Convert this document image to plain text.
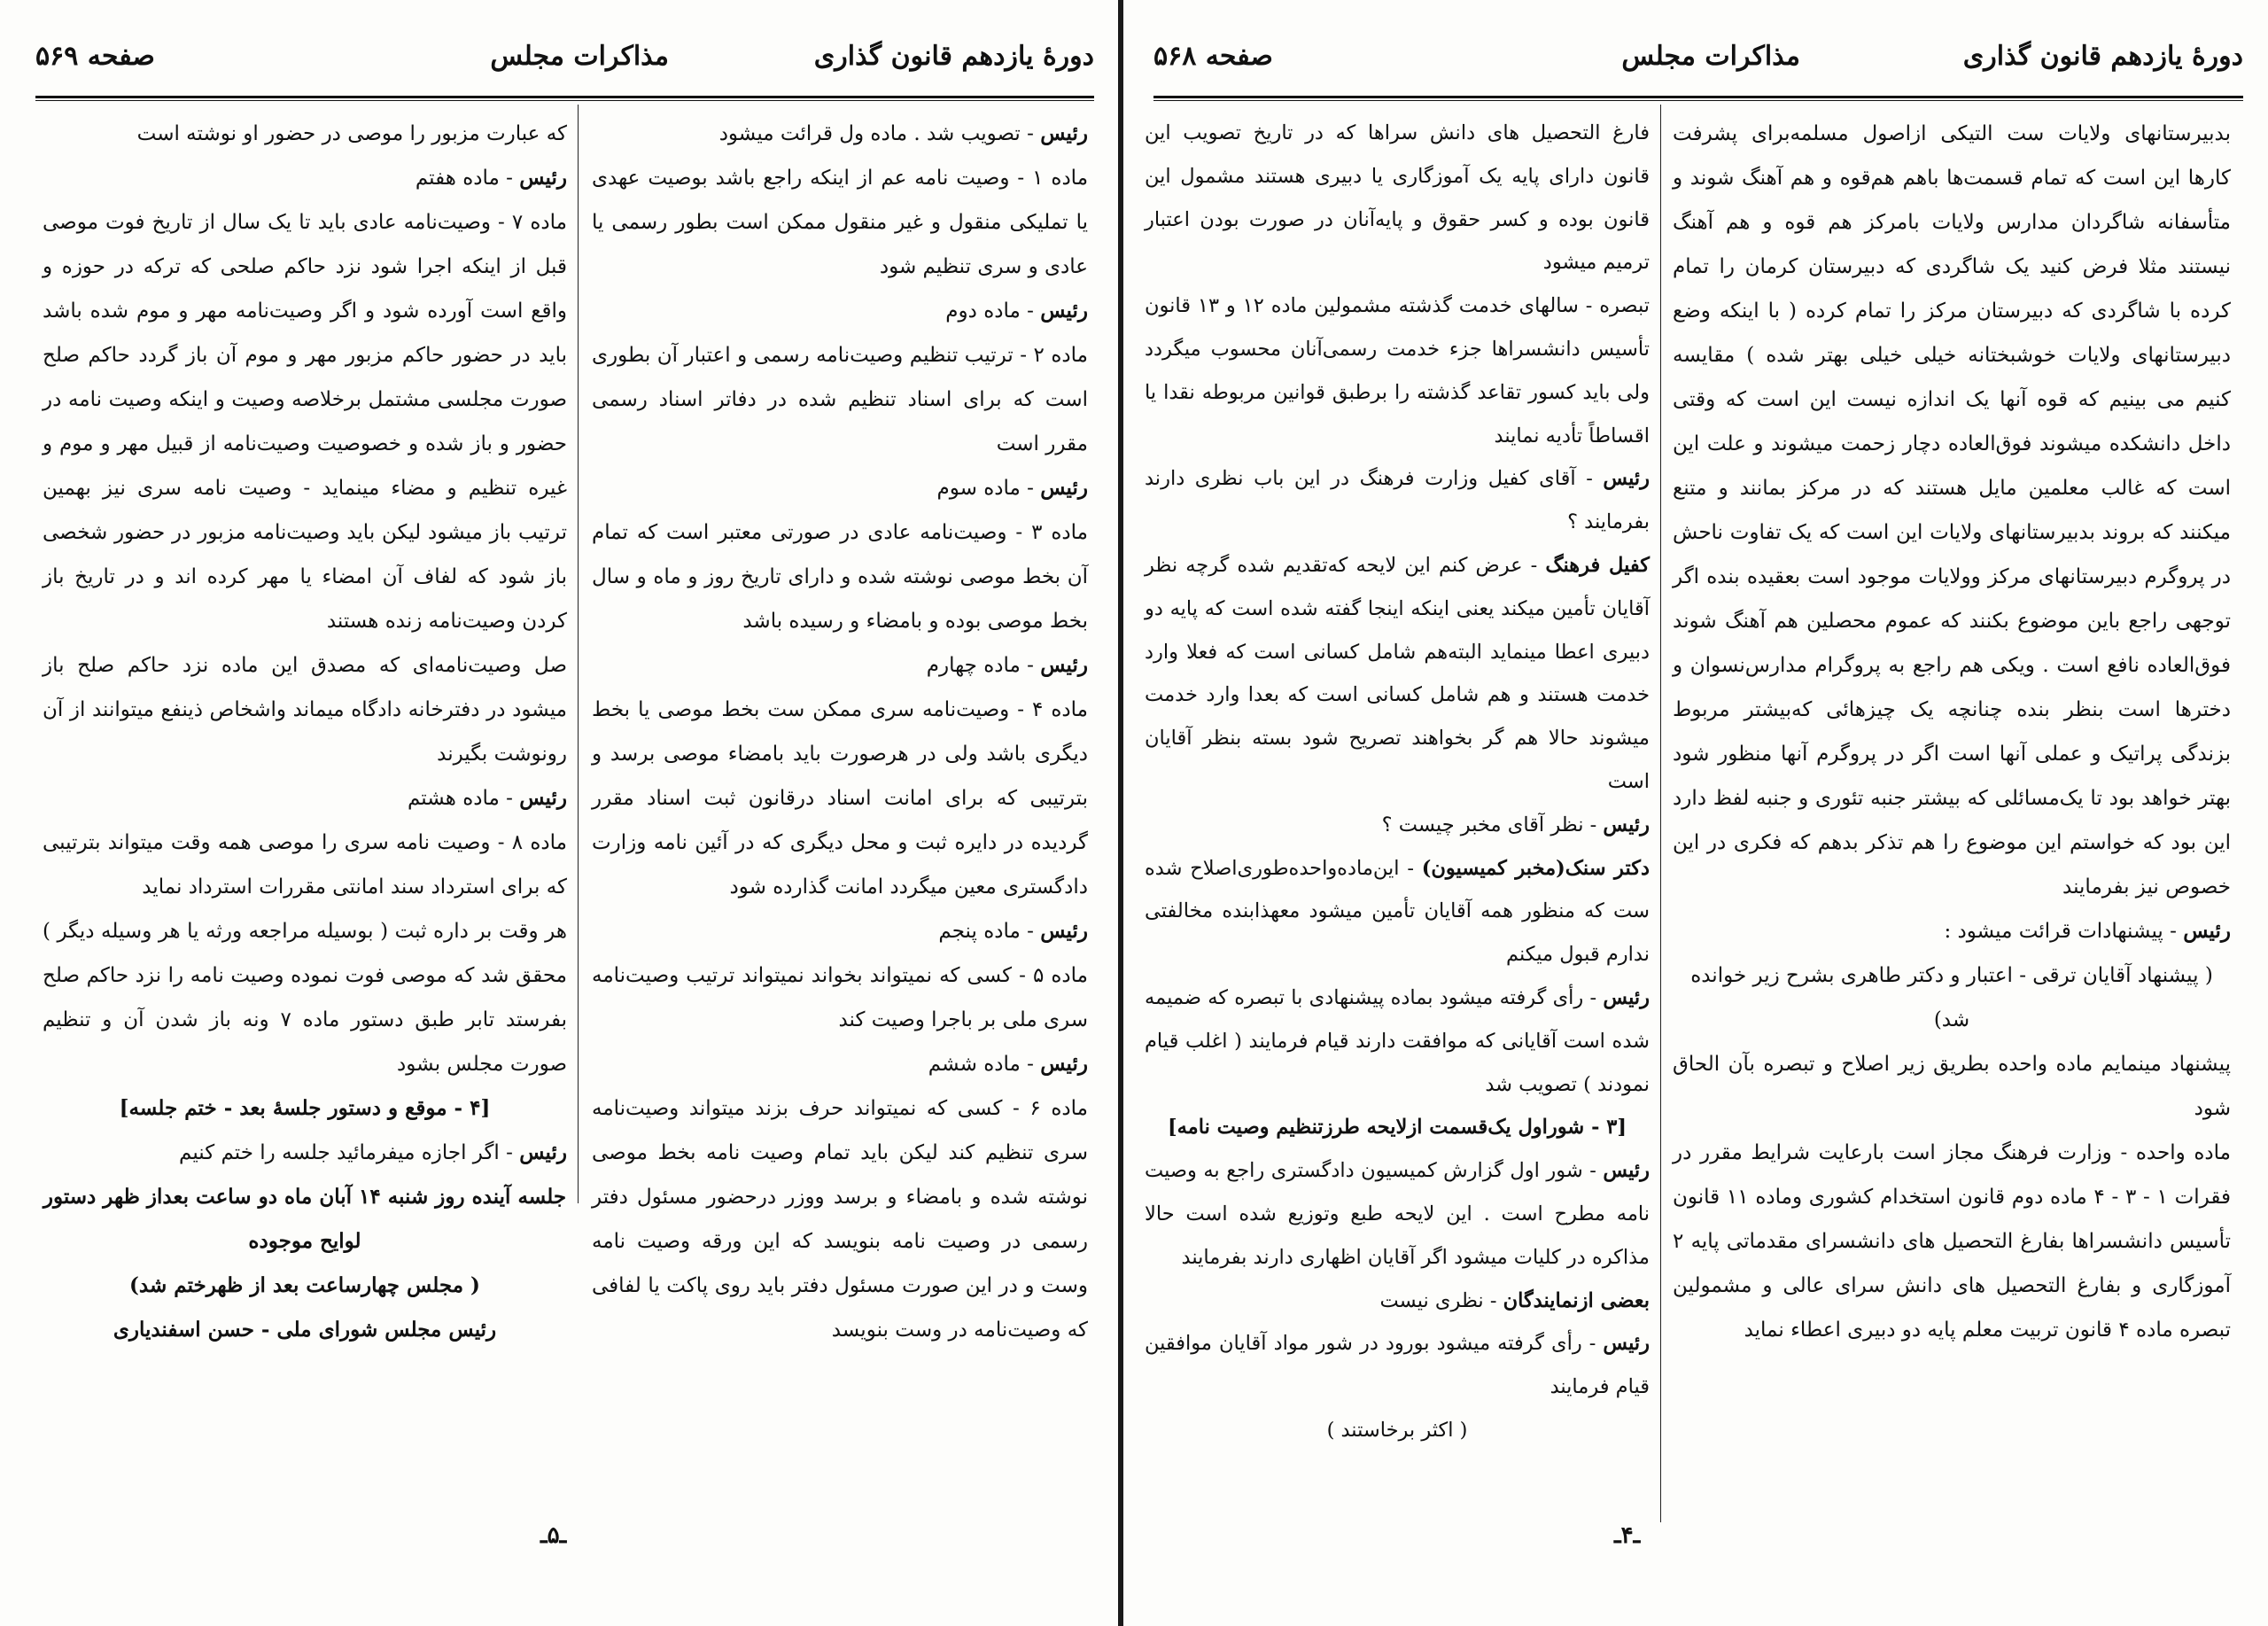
دورهٔ یازدهم قانون گذاری
مذاکرات مجلس
صفحه ۵۶۹
رئیس - تصویب شد . ماده ول قرائت میشود
ماده ۱ - وصیت نامه عم از اینکه راجع باشد بوصیت عهدی یا تملیکی منقول و غیر منقول ممکن است بطور رسمی یا عادی و سری تنظیم شود
رئیس - ماده دوم
ماده ۲ - ترتیب تنظیم وصیت‌نامه رسمی و اعتبار آن بطوری است که برای اسناد تنظیم شده در دفاتر اسناد رسمی مقرر است
رئیس - ماده سوم
ماده ۳ - وصیت‌نامه عادی در صورتی معتبر است که تمام آن بخط موصی نوشته شده و دارای تاریخ روز و ماه و سال بخط موصی بوده و بامضاء و رسیده باشد
رئیس - ماده چهارم
ماده ۴ - وصیت‌نامه سری ممکن ست بخط موصی یا بخط دیگری باشد ولی در هرصورت باید بامضاء موصی برسد و بترتیبی که برای امانت اسناد درقانون ثبت اسناد مقرر گردیده در دایره ثبت و محل دیگری که در آئین نامه وزارت دادگستری معین میگردد امانت گذارده شود
رئیس - ماده پنجم
ماده ۵ - کسی که نمیتواند بخواند نمیتواند ترتیب وصیت‌نامه سری ملی بر باجرا وصیت کند
رئیس - ماده ششم
ماده ۶ - کسی که نمیتواند حرف بزند میتواند وصیت‌نامه سری تنظیم کند لیکن باید تمام وصیت نامه بخط موصی نوشته شده و بامضاء و برسد ووزر درحضور مسئول دفتر رسمی در وصیت نامه بنویسد که این ورقه وصیت نامه وست و در این صورت مسئول دفتر باید روی پاکت یا لفافی که وصیت‌نامه در وست بنویسد
که عبارت مزبور را موصی در حضور او نوشته است
رئیس - ماده هفتم
ماده ۷ - وصیت‌نامه عادی باید تا یک سال از تاریخ فوت موصی قبل از اینکه اجرا شود نزد حاکم صلحی که ترکه در حوزه و واقع است آورده شود و اگر وصیت‌نامه مهر و موم شده باشد باید در حضور حاکم مزبور مهر و موم آن باز گردد حاکم صلح صورت مجلسی مشتمل برخلاصه وصیت و اینکه وصیت نامه در حضور و باز شده و خصوصیت وصیت‌نامه از قبیل مهر و موم و غیره تنظیم و مضاء مینماید - وصیت نامه سری نیز بهمین ترتیب باز میشود لیکن باید وصیت‌نامه مزبور در حضور شخصی باز شود که لفاف آن امضاء یا مهر کرده اند و در تاریخ باز کردن وصیت‌نامه زنده هستند
صل وصیت‌نامه‌ای که مصدق این ماده نزد حاکم صلح باز میشود در دفترخانه دادگاه میماند واشخاص ذینفع میتوانند از آن رونوشت بگیرند
رئیس - ماده هشتم
ماده ۸ - وصیت نامه سری را موصی همه وقت میتواند بترتیبی که برای استرداد سند امانتی مقررات استرداد نماید
هر وقت بر داره ثبت ( بوسیله مراجعه ورثه یا هر وسیله دیگر ) محقق شد که موصی فوت نموده وصیت نامه را نزد حاکم صلح بفرستد تابر طبق دستور ماده ۷ ونه باز شدن آن و تنظیم صورت مجلس بشود
[۴ - موقع و دستور جلسهٔ بعد - ختم جلسه]
رئیس - اگر اجازه میفرمائید جلسه را ختم کنیم
جلسه آینده روز شنبه ۱۴ آبان ماه دو ساعت بعداز ظهر دستور لوایح موجوده
( مجلس چهارساعت بعد از ظهرختم شد)
رئیس مجلس شورای ملی - حسن اسفندیاری
ـ۵ـ
دورهٔ یازدهم قانون گذاری
مذاکرات مجلس
صفحه ۵۶۸
بدبیرستانهای ولایات ست التیکی ازاصول مسلمه‌برای پشرفت کارها این است که تمام قسمت‌ها باهم هم‌قوه و هم آهنگ شوند و متأسفانه شاگردان مدارس ولایات بامرکز هم قوه و هم آهنگ نیستند مثلا فرض کنید یک شاگردی که دبیرستان کرمان را تمام کرده با شاگردی که دبیرستان مرکز را تمام کرده ( با اینکه وضع دبیرستانهای ولایات خوشبختانه خیلی خیلی بهتر شده ) مقایسه کنیم می بینیم که قوه آنها یک اندازه نیست این است که وقتی داخل دانشکده میشوند فوق‌العاده دچار زحمت میشوند و علت این است که غالب معلمین مایل هستند که در مرکز بمانند و متنع میکنند که بروند بدبیرستانهای ولایات این است که یک تفاوت ناحش در پروگرم دبیرستانهای مرکز وولایات موجود است بعقیده بنده اگر توجهی راجع باین موضوع بکنند که عموم محصلین هم آهنگ شوند فوق‌العاده نافع است . ویکی هم راجع به پروگرام مدارس‌نسوان و دخترها است بنظر بنده چنانچه یک چیزهائی که‌بیشتر مربوط بزندگی پراتیک و عملی آنها است اگر در پروگرم آنها منظور شود بهتر خواهد بود تا یک‌مسائلی که بیشتر جنبه تئوری و جنبه لفظ دارد این بود که خواستم این موضوع را هم تذکر بدهم که فکری در این خصوص نیز بفرمایند
رئیس - پیشنهادات قرائت میشود :
( پیشنهاد آقایان ترقی - اعتبار و دکتر طاهری بشرح زیر خوانده شد)
پیشنهاد مینمایم ماده واحده بطریق زیر اصلاح و تبصره بآن الحاق شود
ماده واحده - وزارت فرهنگ مجاز است بارعایت شرایط مقرر در فقرات ۱ - ۳ - ۴ ماده دوم قانون استخدام کشوری وماده ۱۱ قانون تأسیس دانشسراها بفارغ التحصیل های دانشسرای مقدماتی پایه ۲ آموزگاری و بفارغ التحصیل های دانش سرای عالی و مشمولین تبصره ماده ۴ قانون تربیت معلم پایه دو دبیری اعطاء نماید
فارغ التحصیل های دانش سراها که در تاریخ تصویب این قانون دارای پایه یک آموزگاری یا دبیری هستند مشمول این قانون بوده و کسر حقوق و پایه‌آنان در صورت بودن اعتبار ترمیم میشود
تبصره - سالهای خدمت گذشته مشمولین ماده ۱۲ و ۱۳ قانون تأسیس دانشسراها جزء خدمت رسمی‌آنان محسوب میگردد ولی باید کسور تقاعد گذشته را برطبق قوانین مربوطه نقدا یا اقساطاً تأدیه نمایند
رئیس - آقای کفیل وزارت فرهنگ در این باب نظری دارند بفرمایند ؟
کفیل فرهنگ - عرض کنم این لایحه که‌تقدیم شده گرچه نظر آقایان تأمین میکند یعنی اینکه اینجا گفته شده است که پایه دو دبیری اعطا مینماید البته‌هم شامل کسانی است که فعلا وارد خدمت هستند و هم شامل کسانی است که بعدا وارد خدمت میشوند حالا هم گر بخواهند تصریح شود بسته بنظر آقایان است
رئیس - نظر آقای مخبر چیست ؟
دکتر سنک(مخبر کمیسیون) - این‌ماده‌واحده‌طوری‌اصلاح شده ست که منظور همه آقایان تأمین میشود معهذابنده مخالفتی ندارم قبول میکنم
رئیس - رأی گرفته میشود بماده پیشنهادی با تبصره که ضمیمه شده است آقایانی که موافقت دارند قیام فرمایند ( اغلب قیام نمودند ) تصویب شد
[۳ - شوراول یک‌قسمت ازلایحه طرزتنظیم وصیت نامه]
رئیس - شور اول گزارش کمیسیون دادگستری راجع به وصیت نامه مطرح است . این لایحه طبع وتوزیع شده است حالا مذاکره در کلیات میشود اگر آقایان اظهاری دارند بفرمایند
بعضی ازنمایندگان - نظری نیست
رئیس - رأی گرفته میشود بورود در شور مواد آقایان موافقین قیام فرمایند
( اکثر برخاستند )
ـ۴ـ
